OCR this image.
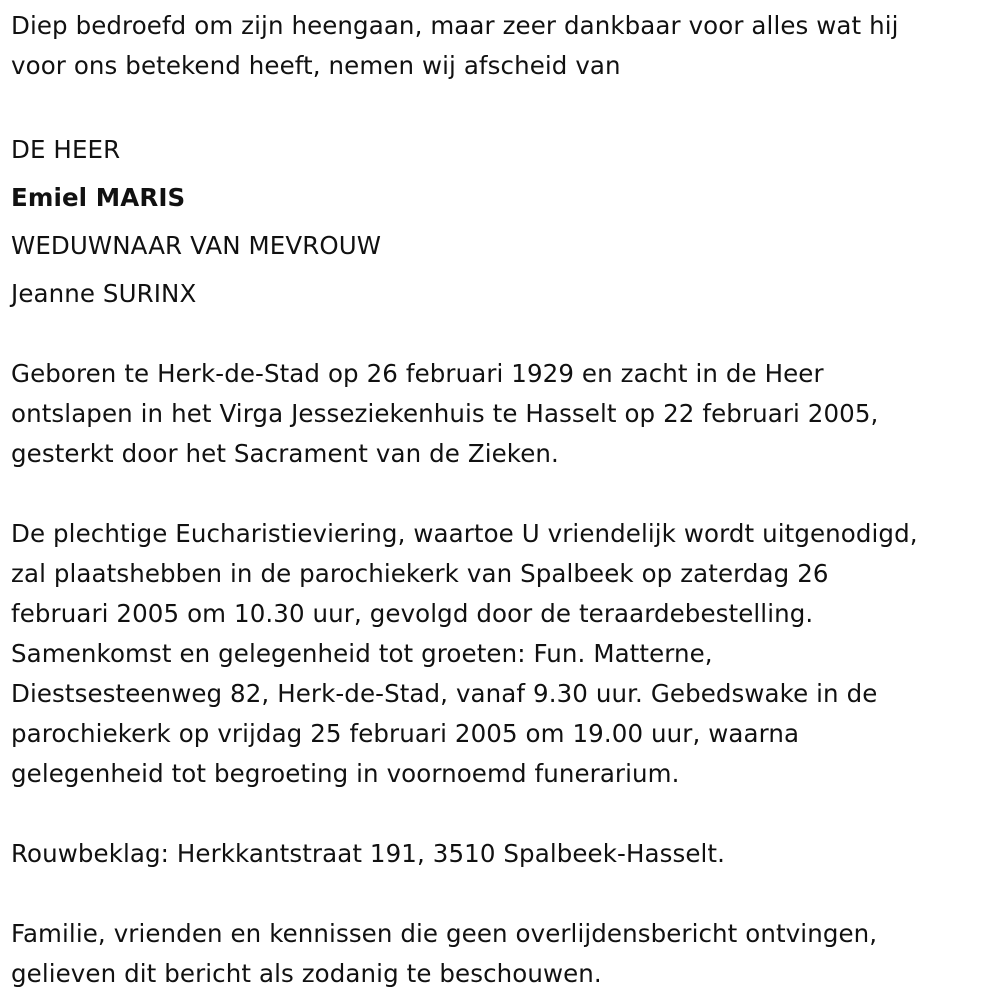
Diep bedroefd om zijn heengaan, maar zeer dankbaar voor alles wat hij
voor ons betekend heeft, nemen wij afscheid van
DE HEER
Emiel MARIS
WEDUWNAAR VAN MEVROUW
Jeanne SURINX
Geboren te Herk-de-Stad op 26 februari 1929 en zacht in de Heer
ontslapen in het Virga Jesseziekenhuis te Hasselt op 22 februari 2005,
gesterkt door het Sacrament van de Zieken.
De plechtige Eucharistieviering, waartoe U vriendelijk wordt uitgenodigd,
zal plaatshebben in de parochiekerk van Spalbeek op zaterdag 26
februari 2005 om 10.30 uur, gevolgd door de teraardebestelling.
Samenkomst en gelegenheid tot groeten: Fun. Matterne,
Diestsesteenweg 82, Herk-de-Stad, vanaf 9.30 uur. Gebedswake in de
parochiekerk op vrijdag 25 februari 2005 om 19.00 uur, waarna
gelegenheid tot begroeting in voornoemd funerarium.
Rouwbeklag: Herkkantstraat 191, 3510 Spalbeek-Hasselt.
Familie, vrienden en kennissen die geen overlijdensbericht ontvingen,
gelieven dit bericht als zodanig te beschouwen.
